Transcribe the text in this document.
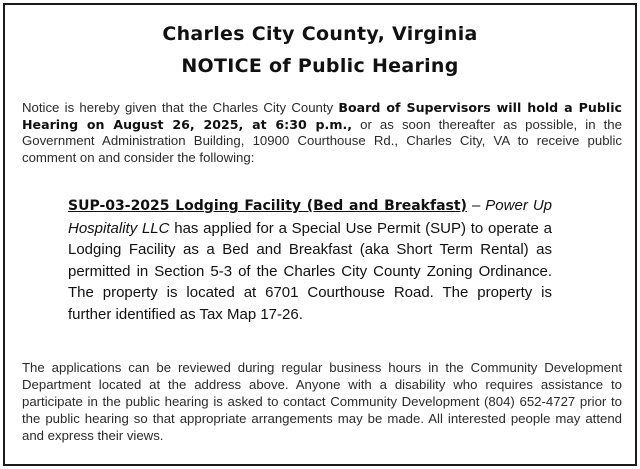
Charles City County, Virginia
NOTICE of Public Hearing

Notice is hereby given that the Charles City County Board of Supervisors will hold a Public Hearing on August 26, 2025, at 6:30 p.m., or as soon thereafter as possible, in the Government Administration Building, 10900 Courthouse Rd., Charles City, VA to receive public comment on and consider the following:

SUP-03-2025 Lodging Facility (Bed and Breakfast) – Power Up Hospitality LLC has applied for a Special Use Permit (SUP) to operate a Lodging Facility as a Bed and Breakfast (aka Short Term Rental) as permitted in Section 5-3 of the Charles City County Zoning Ordinance. The property is located at 6701 Courthouse Road. The property is further identified as Tax Map 17-26.

The applications can be reviewed during regular business hours in the Community Development Department located at the address above. Anyone with a disability who requires assistance to participate in the public hearing is asked to contact Community Development (804) 652-4727 prior to the public hearing so that appropriate arrangements may be made. All interested people may attend and express their views.
